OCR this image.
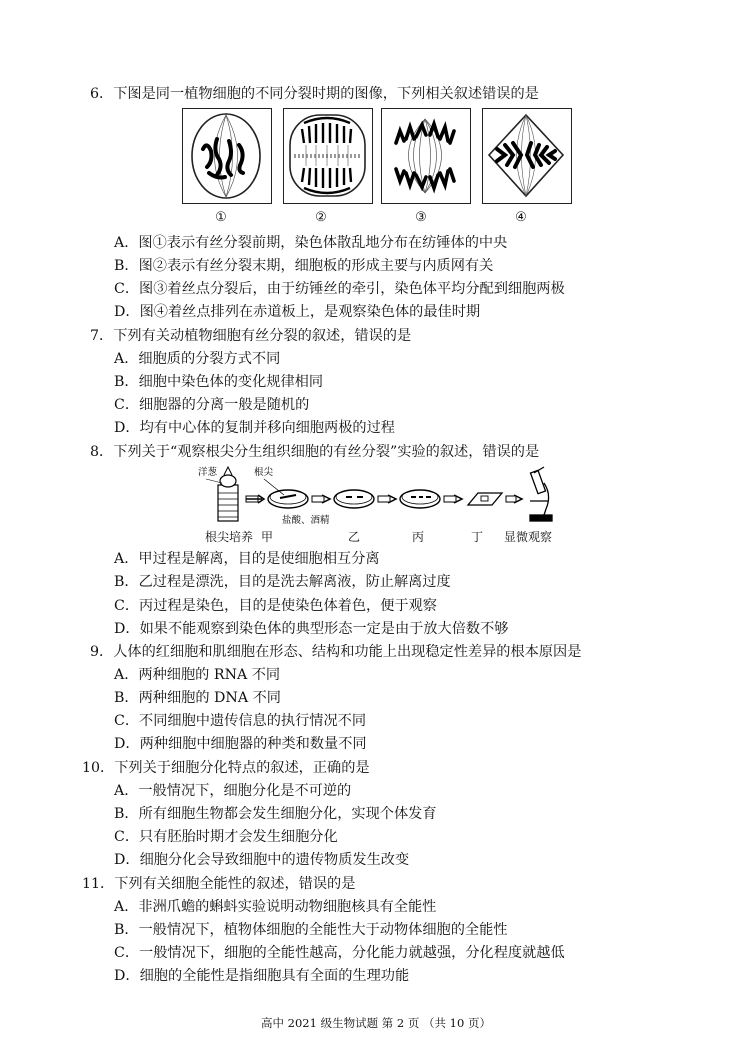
6．下图是同一植物细胞的不同分裂时期的图像，下列相关叙述错误的是
①	②	③	④
A．图①表示有丝分裂前期，染色体散乱地分布在纺锤体的中央
B．图②表示有丝分裂末期，细胞板的形成主要与内质网有关
C．图③着丝点分裂后，由于纺锤丝的牵引，染色体平均分配到细胞两极
D．图④着丝点排列在赤道板上，是观察染色体的最佳时期
7．下列有关动植物细胞有丝分裂的叙述，错误的是
A．细胞质的分裂方式不同
B．细胞中染色体的变化规律相同
C．细胞器的分离一般是随机的
D．均有中心体的复制并移向细胞两极的过程
8．下列关于“观察根尖分生组织细胞的有丝分裂”实验的叙述，错误的是
洋葱	根尖
盐酸、酒精
根尖培养 甲	乙	丙	丁 显微观察
A．甲过程是解离，目的是使细胞相互分离
B．乙过程是漂洗，目的是洗去解离液，防止解离过度
C．丙过程是染色，目的是使染色体着色，便于观察
D．如果不能观察到染色体的典型形态一定是由于放大倍数不够
9．人体的红细胞和肌细胞在形态、结构和功能上出现稳定性差异的根本原因是
A．两种细胞的 RNA 不同
B．两种细胞的 DNA 不同
C．不同细胞中遗传信息的执行情况不同
D．两种细胞中细胞器的种类和数量不同
10．下列关于细胞分化特点的叙述，正确的是
A．一般情况下，细胞分化是不可逆的
B．所有细胞生物都会发生细胞分化，实现个体发育
C．只有胚胎时期才会发生细胞分化
D．细胞分化会导致细胞中的遗传物质发生改变
11．下列有关细胞全能性的叙述，错误的是
A．非洲爪蟾的蝌蚪实验说明动物细胞核具有全能性
B．一般情况下，植物体细胞的全能性大于动物体细胞的全能性
C．一般情况下，细胞的全能性越高，分化能力就越强，分化程度就越低
D．细胞的全能性是指细胞具有全面的生理功能
高中 2021 级生物试题 第 2 页 （共 10 页）
